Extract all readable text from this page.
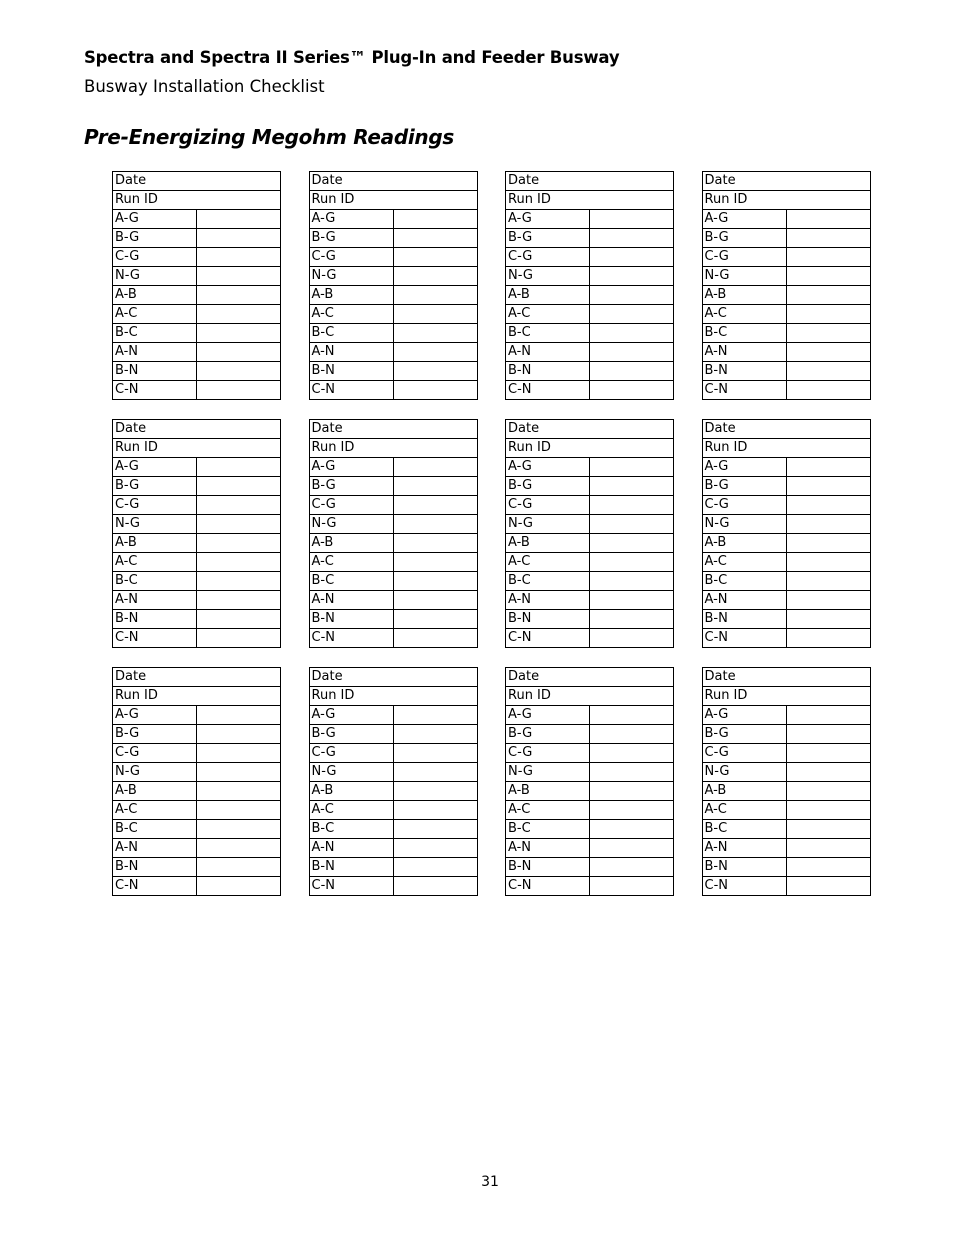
Spectra and Spectra II Series™ Plug-In and Feeder Busway
Busway Installation Checklist
Pre-Energizing Megohm Readings
Date	
Run ID	
A-G	
B-G	
C-G	
N-G	
A-B	
A-C	
B-C	
A-N	
B-N	
C-N	
Date	
Run ID	
A-G	
B-G	
C-G	
N-G	
A-B	
A-C	
B-C	
A-N	
B-N	
C-N	
Date	
Run ID	
A-G	
B-G	
C-G	
N-G	
A-B	
A-C	
B-C	
A-N	
B-N	
C-N	
Date	
Run ID	
A-G	
B-G	
C-G	
N-G	
A-B	
A-C	
B-C	
A-N	
B-N	
C-N	
Date	
Run ID	
A-G	
B-G	
C-G	
N-G	
A-B	
A-C	
B-C	
A-N	
B-N	
C-N	
Date	
Run ID	
A-G	
B-G	
C-G	
N-G	
A-B	
A-C	
B-C	
A-N	
B-N	
C-N	
Date	
Run ID	
A-G	
B-G	
C-G	
N-G	
A-B	
A-C	
B-C	
A-N	
B-N	
C-N	
Date	
Run ID	
A-G	
B-G	
C-G	
N-G	
A-B	
A-C	
B-C	
A-N	
B-N	
C-N	
Date	
Run ID	
A-G	
B-G	
C-G	
N-G	
A-B	
A-C	
B-C	
A-N	
B-N	
C-N	
Date	
Run ID	
A-G	
B-G	
C-G	
N-G	
A-B	
A-C	
B-C	
A-N	
B-N	
C-N	
Date	
Run ID	
A-G	
B-G	
C-G	
N-G	
A-B	
A-C	
B-C	
A-N	
B-N	
C-N	
Date	
Run ID	
A-G	
B-G	
C-G	
N-G	
A-B	
A-C	
B-C	
A-N	
B-N	
C-N	
31
